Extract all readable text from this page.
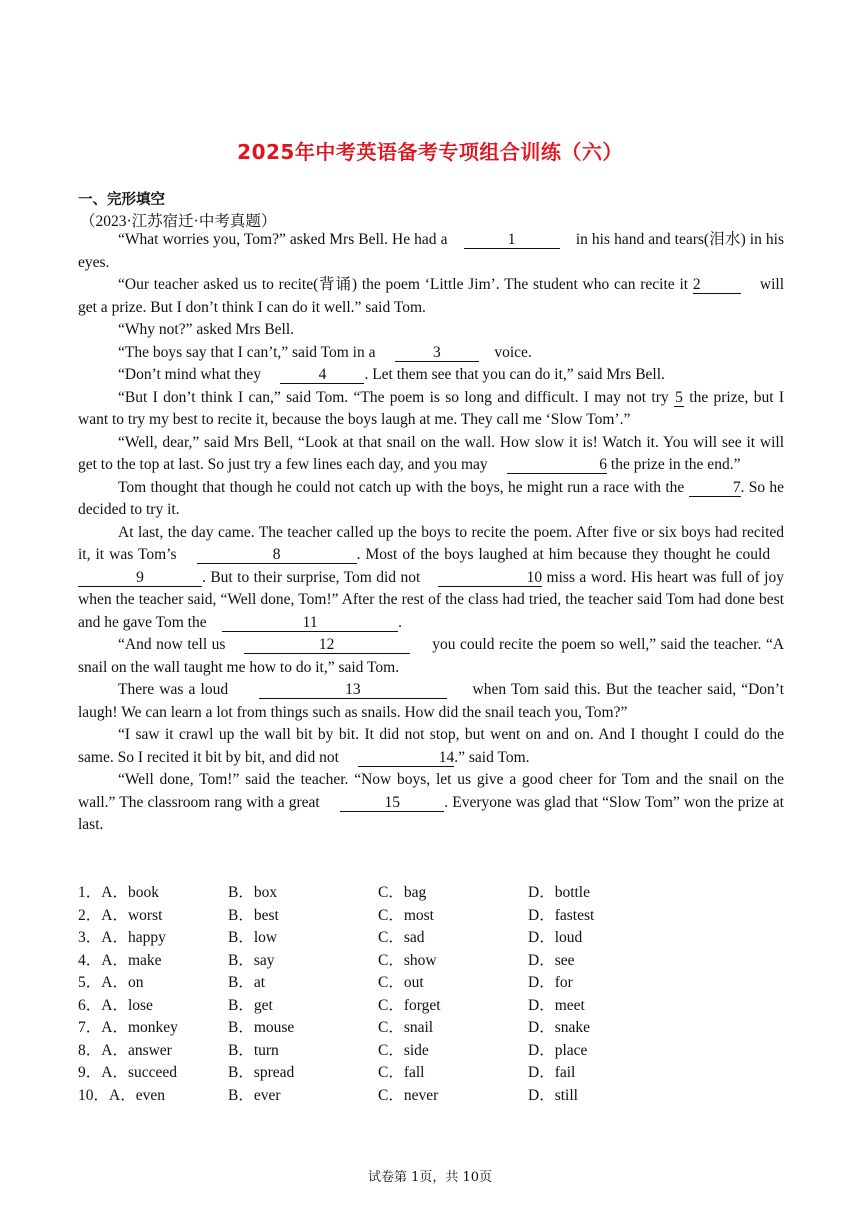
2025年中考英语备考专项组合训练（六）
一、完形填空
（2023·江苏宿迁·中考真题）

“What worries you, Tom?” asked Mrs Bell. He had a	1	in his hand and tears(泪水) in his eyes.

“Our teacher asked us to recite(背诵) the poem ‘Little Jim’. The student who can recite it 2	will get a prize. But I don’t think I can do it well.” said Tom.

“Why not?” asked Mrs Bell.

“The boys say that I can’t,” said Tom in a	3	voice.

“Don’t mind what they	4 . Let them see that you can do it,” said Mrs Bell.

“But I don’t think I can,” said Tom. “The poem is so long and difficult. I may not try 5 the prize, but I want to try my best to recite it, because the boys laugh at me. They call me ‘Slow Tom’.”

“Well, dear,” said Mrs Bell, “Look at that snail on the wall. How slow it is! Watch it. You will see it will get to the top at last. So just try a few lines each day, and you may	6 the prize in the end.”

Tom thought that though he could not catch up with the boys, he might run a race with the	7. So he decided to try it.

At last, the day came. The teacher called up the boys to recite the poem. After five or six boys had recited it, it was Tom’s	8	. Most of the boys laughed at him because they thought he could    9	. But to their surprise, Tom did not	10 miss a word. His heart was full of joy when the teacher said, “Well done, Tom!” After the rest of the class had tried, the teacher said Tom had done best and he gave Tom the	11	.

“And now tell us	12	you could recite the poem so well,” said the teacher. “A snail on the wall taught me how to do it,” said Tom.

There was a loud	13	when Tom said this. But the teacher said, “Don’t laugh! We can learn a lot from things such as snails. How did the snail teach you, Tom?”

“I saw it crawl up the wall bit by bit. It did not stop, but went on and on. And I thought I could do the same. So I recited it bit by bit, and did not	14.” said Tom.

“Well done, Tom!” said the teacher. “Now boys, let us give a good cheer for Tom and the snail on the wall.” The classroom rang with a great	15	. Everyone was glad that “Slow Tom” won the prize at last.

1．A．book	B．box	C．bag	D．bottle
2．A．worst	B．best	C．most	D．fastest
3．A．happy	B．low	C．sad	D．loud
4．A．make	B．say	C．show	D．see
5．A．on	B．at	C．out	D．for
6．A．lose	B．get	C．forget	D．meet
7．A．monkey	B．mouse	C．snail	D．snake
8．A．answer	B．turn	C．side	D．place
9．A．succeed	B．spread	C．fall	D．fail
10．A．even	B．ever	C．never	D．still
试卷第 1页，共 10页
